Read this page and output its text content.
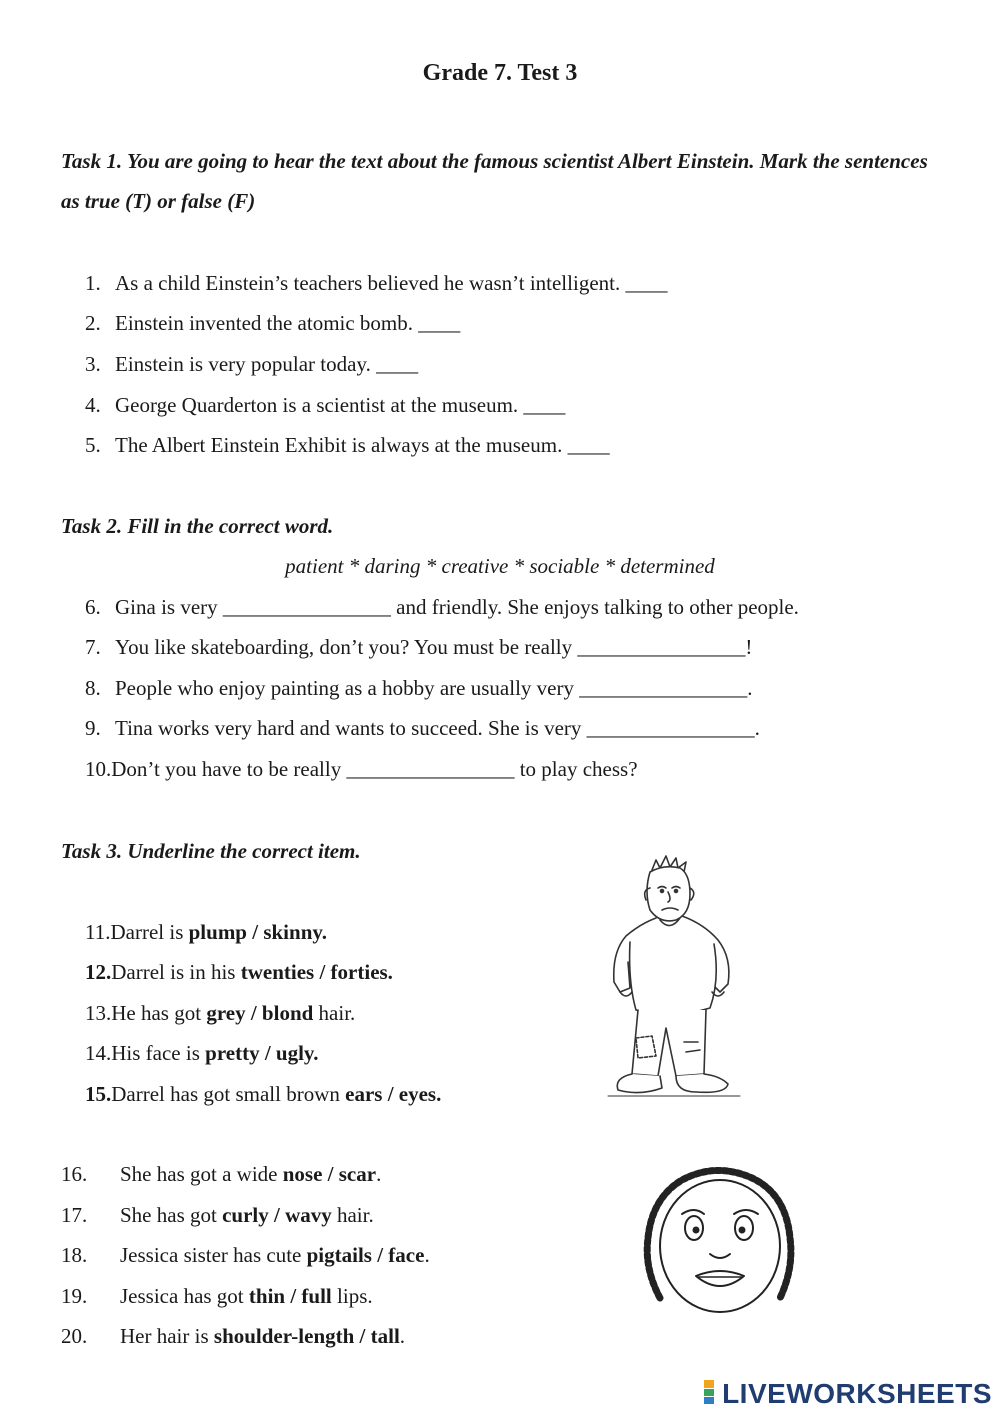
Grade 7. Test 3
Task 1. You are going to hear the text about the famous scientist Albert Einstein. Mark the sentences as true (T) or false (F)
1. As a child Einstein’s teachers believed he wasn’t intelligent. ____
2. Einstein invented the atomic bomb. ____
3. Einstein is very popular today. ____
4. George Quarderton is a scientist at the museum. ____
5. The Albert Einstein Exhibit is always at the museum. ____
Task 2. Fill in the correct word.
patient * daring * creative * sociable * determined
6. Gina is very ________________ and friendly. She enjoys talking to other people.
7. You like skateboarding, don’t you? You must be really ________________!
8. People who enjoy painting as a hobby are usually very ________________.
9. Tina works very hard and wants to succeed. She is very ________________.
10.Don’t you have to be really ________________ to play chess?
Task 3. Underline the correct item.
11.Darrel is plump / skinny.
12.Darrel is in his twenties / forties.
13.He has got grey / blond hair.
14.His face is pretty / ugly.
15.Darrel has got small brown ears / eyes.
16. She has got a wide nose / scar.
17. She has got curly / wavy hair.
18. Jessica sister has cute pigtails / face.
19. Jessica has got thin / full lips.
20. Her hair is shoulder-length / tall.
LIVEWORKSHEETS
